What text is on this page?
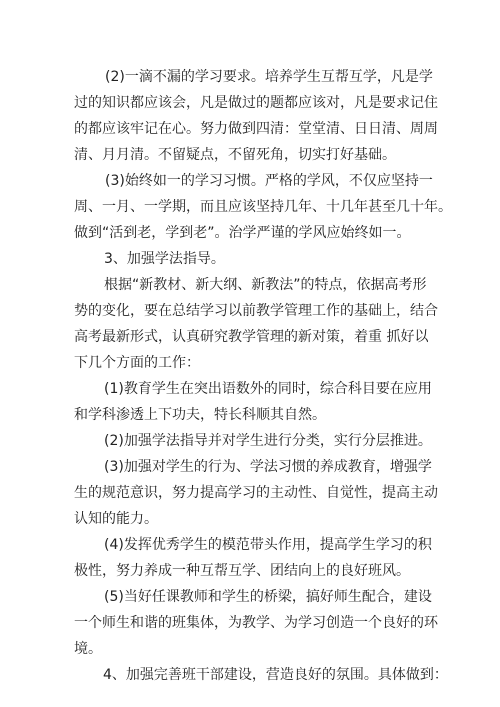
(2)一滴不漏的学习要求。培养学生互帮互学，凡是学
过的知识都应该会，凡是做过的题都应该对，凡是要求记住
的都应该牢记在心。努力做到四清：堂堂清、日日清、周周
清、月月清。不留疑点，不留死角，切实打好基础。
(3)始终如一的学习习惯。严格的学风，不仅应坚持一
周、一月、一学期，而且应该坚持几年、十几年甚至几十年。
做到“活到老，学到老”。治学严谨的学风应始终如一。
3、加强学法指导。
根据“新教材、新大纲、新教法”的特点，依据高考形
势的变化，要在总结学习以前教学管理工作的基础上，结合
高考最新形式，认真研究教学管理的新对策，着重 抓好以
下几个方面的工作：
(1)教育学生在突出语数外的同时，综合科目要在应用
和学科渗透上下功夫，特长科顺其自然。
(2)加强学法指导并对学生进行分类，实行分层推进。
(3)加强对学生的行为、学法习惯的养成教育，增强学
生的规范意识，努力提高学习的主动性、自觉性，提高主动
认知的能力。
(4)发挥优秀学生的模范带头作用，提高学生学习的积
极性，努力养成一种互帮互学、团结向上的良好班风。
(5)当好任课教师和学生的桥梁，搞好师生配合，建设
一个师生和谐的班集体，为教学、为学习创造一个良好的环
境。
4、加强完善班干部建设，营造良好的氛围。具体做到：
